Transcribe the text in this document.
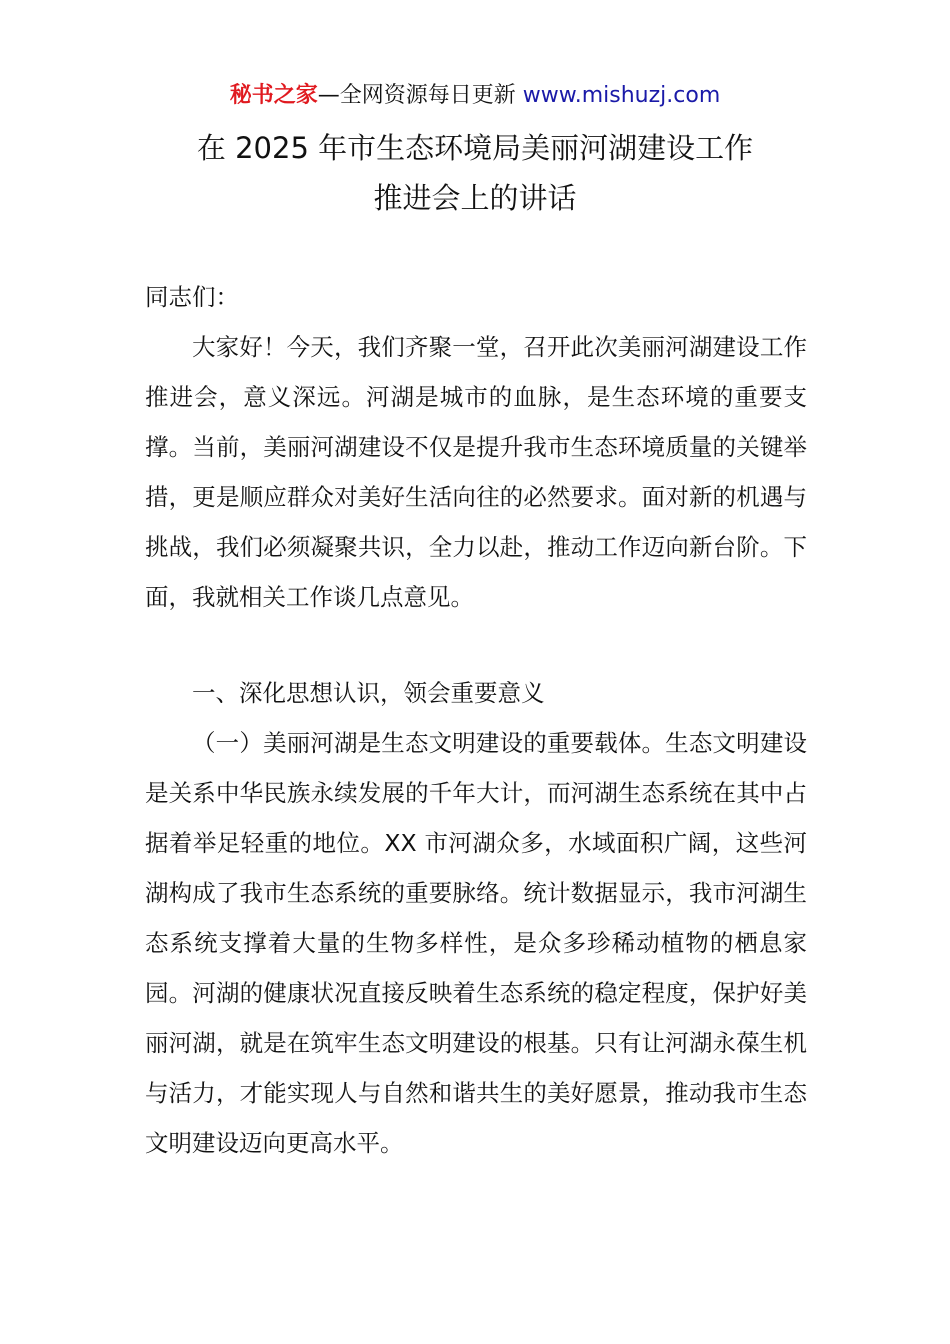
秘书之家—全网资源每日更新 www.mishuzj.com
在 2025 年市生态环境局美丽河湖建设工作
推进会上的讲话
同志们：

大家好！今天，我们齐聚一堂，召开此次美丽河湖建设工作推进会，意义深远。河湖是城市的血脉，是生态环境的重要支撑。当前，美丽河湖建设不仅是提升我市生态环境质量的关键举措，更是顺应群众对美好生活向往的必然要求。面对新的机遇与挑战，我们必须凝聚共识，全力以赴，推动工作迈向新台阶。下面，我就相关工作谈几点意见。

一、深化思想认识，领会重要意义

（一）美丽河湖是生态文明建设的重要载体。生态文明建设是关系中华民族永续发展的千年大计，而河湖生态系统在其中占据着举足轻重的地位。XX 市河湖众多，水域面积广阔，这些河湖构成了我市生态系统的重要脉络。统计数据显示，我市河湖生态系统支撑着大量的生物多样性，是众多珍稀动植物的栖息家园。河湖的健康状况直接反映着生态系统的稳定程度，保护好美丽河湖，就是在筑牢生态文明建设的根基。只有让河湖永葆生机与活力，才能实现人与自然和谐共生的美好愿景，推动我市生态文明建设迈向更高水平。
